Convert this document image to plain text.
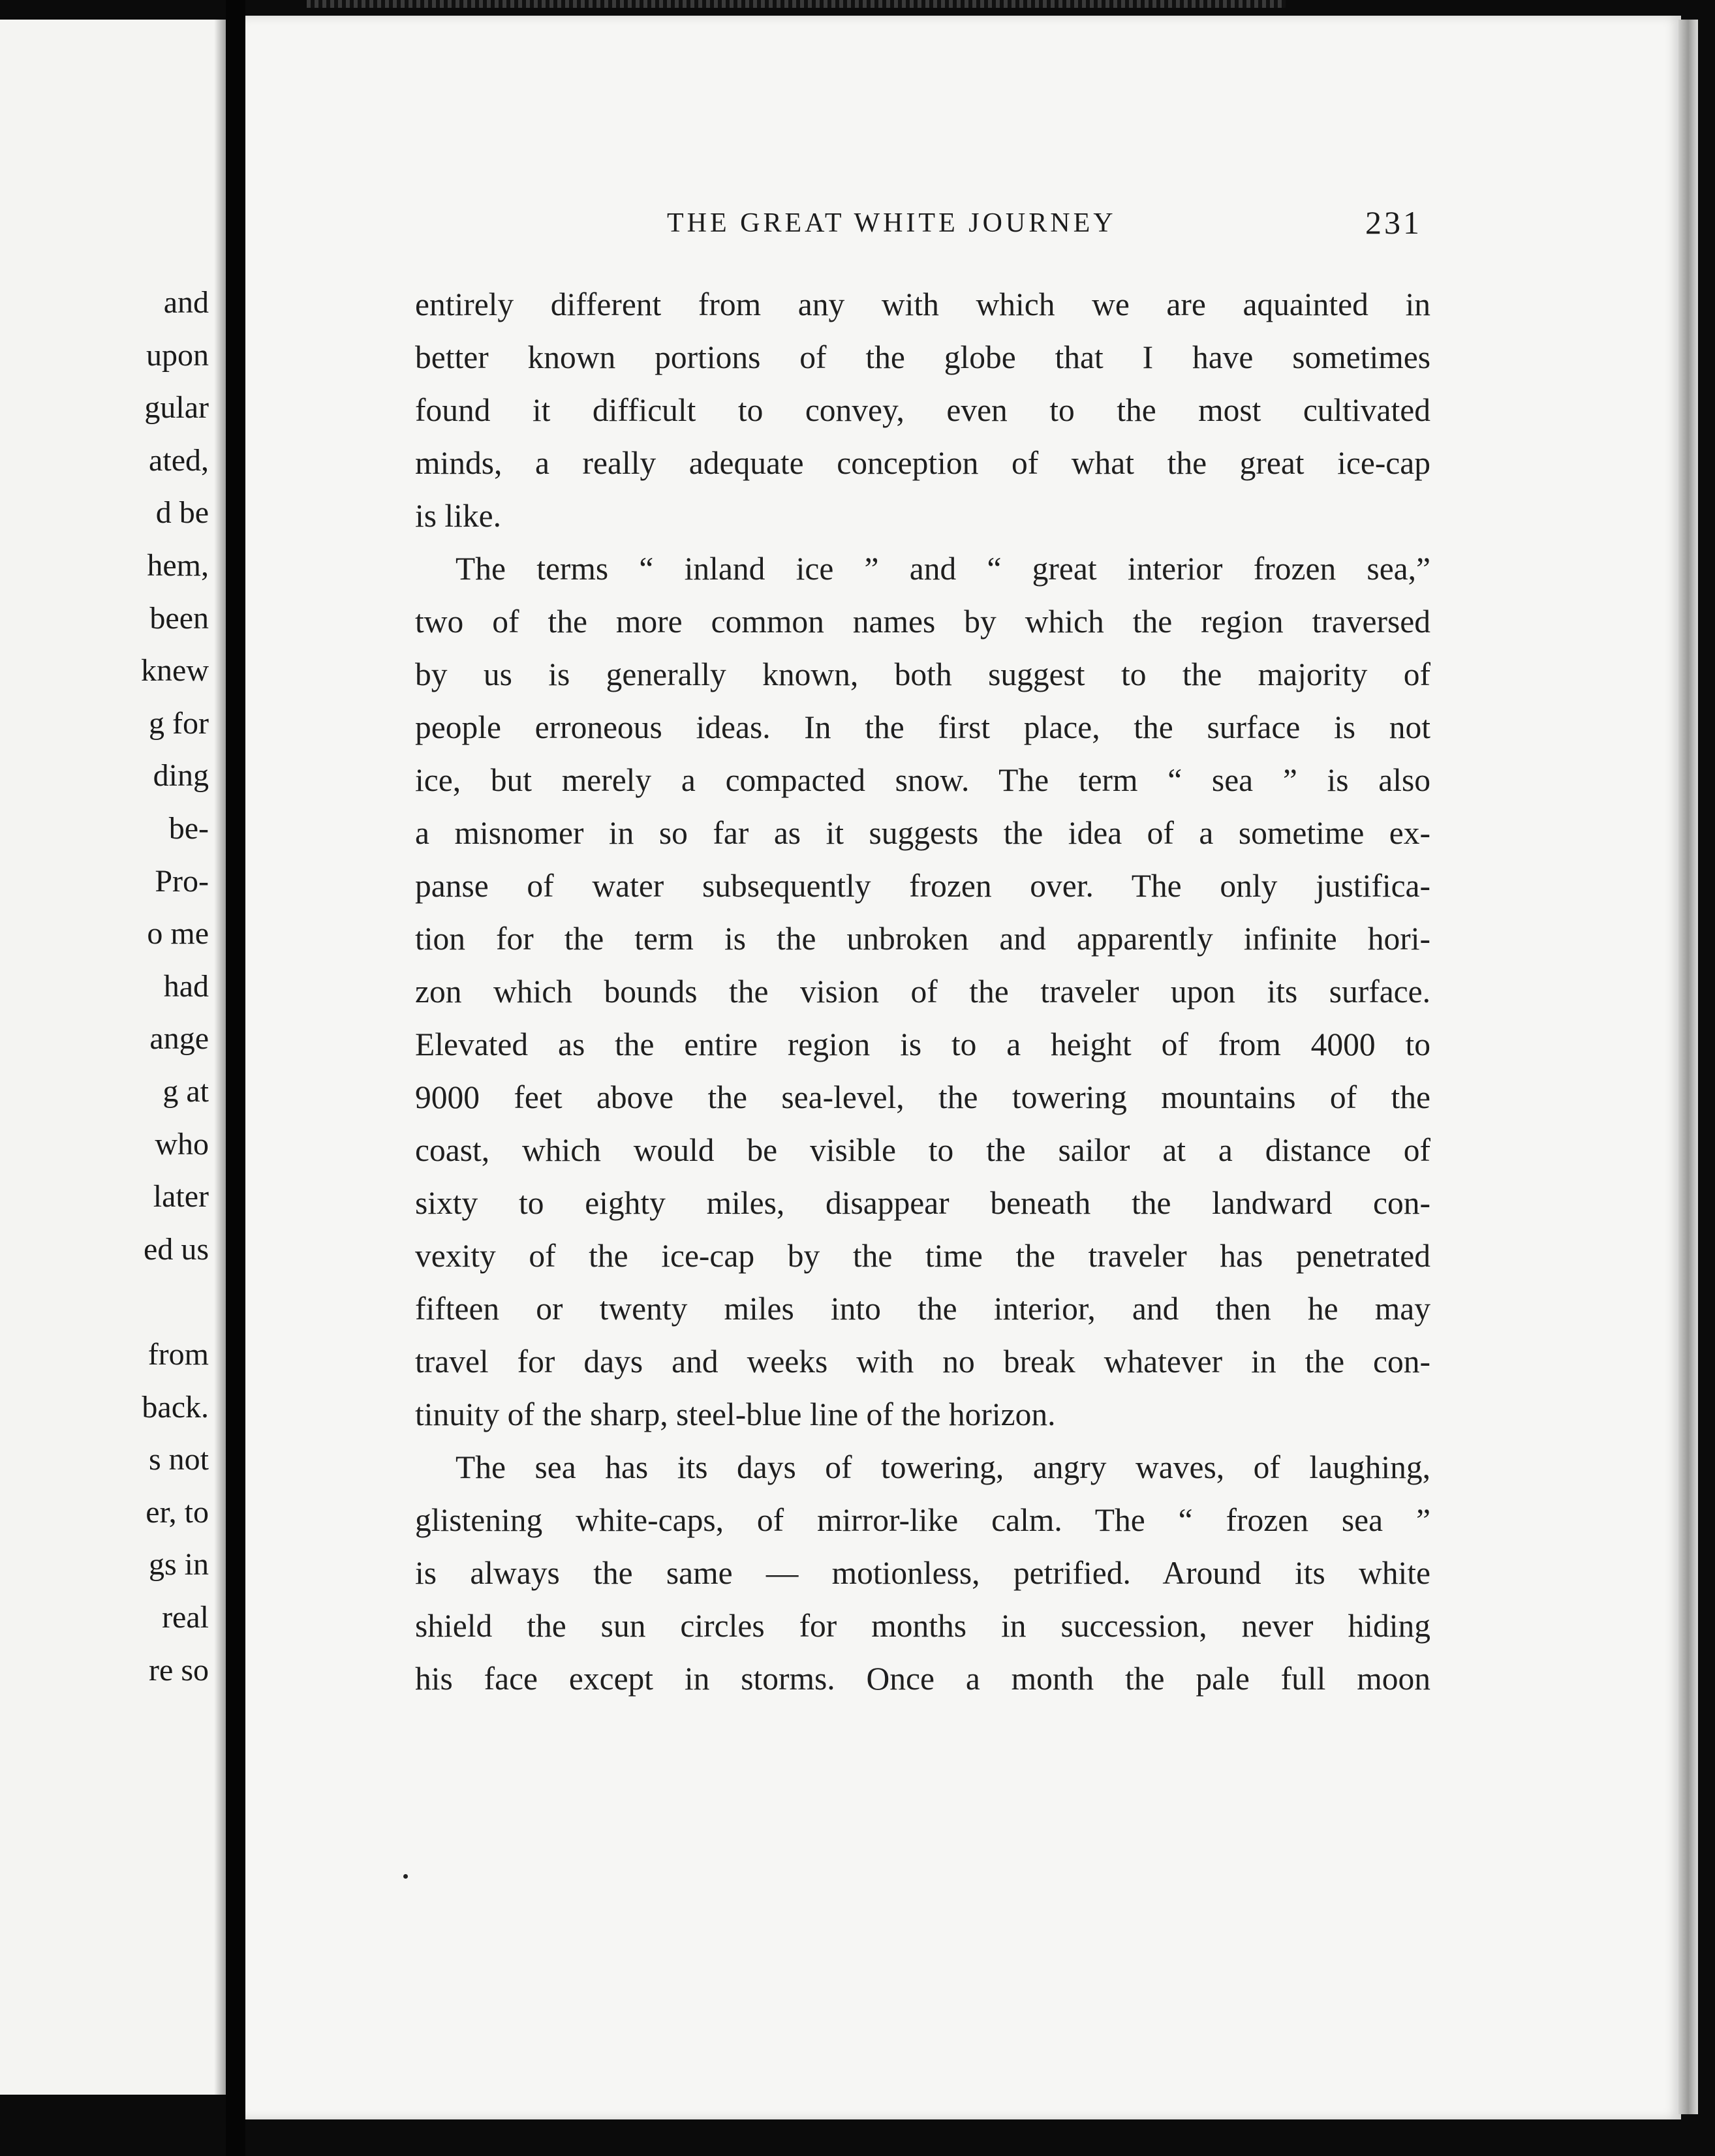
and
upon
gular
ated,
d be
hem,
been
knew
g for
ding
be-
Pro-
o me
had
ange
g at
who
later
ed us
from
back.
s not
er, to
gs in
real
re so
THE GREAT WHITE JOURNEY	231
entirely different from any with which we are aquainted in
better known portions of the globe that I have sometimes
found it difficult to convey, even to the most cultivated
minds, a really adequate conception of what the great ice-cap
is like.
The terms “ inland ice ” and “ great interior frozen sea,”
two of the more common names by which the region traversed
by us is generally known, both suggest to the majority of
people erroneous ideas. In the first place, the surface is not
ice, but merely a compacted snow. The term “ sea ” is also
a misnomer in so far as it suggests the idea of a sometime ex-
panse of water subsequently frozen over. The only justifica-
tion for the term is the unbroken and apparently infinite hori-
zon which bounds the vision of the traveler upon its surface.
Elevated as the entire region is to a height of from 4000 to
9000 feet above the sea-level, the towering mountains of the
coast, which would be visible to the sailor at a distance of
sixty to eighty miles, disappear beneath the landward con-
vexity of the ice-cap by the time the traveler has penetrated
fifteen or twenty miles into the interior, and then he may
travel for days and weeks with no break whatever in the con-
tinuity of the sharp, steel-blue line of the horizon.
The sea has its days of towering, angry waves, of laughing,
glistening white-caps, of mirror-like calm. The “ frozen sea ”
is always the same — motionless, petrified. Around its white
shield the sun circles for months in succession, never hiding
his face except in storms. Once a month the pale full moon
